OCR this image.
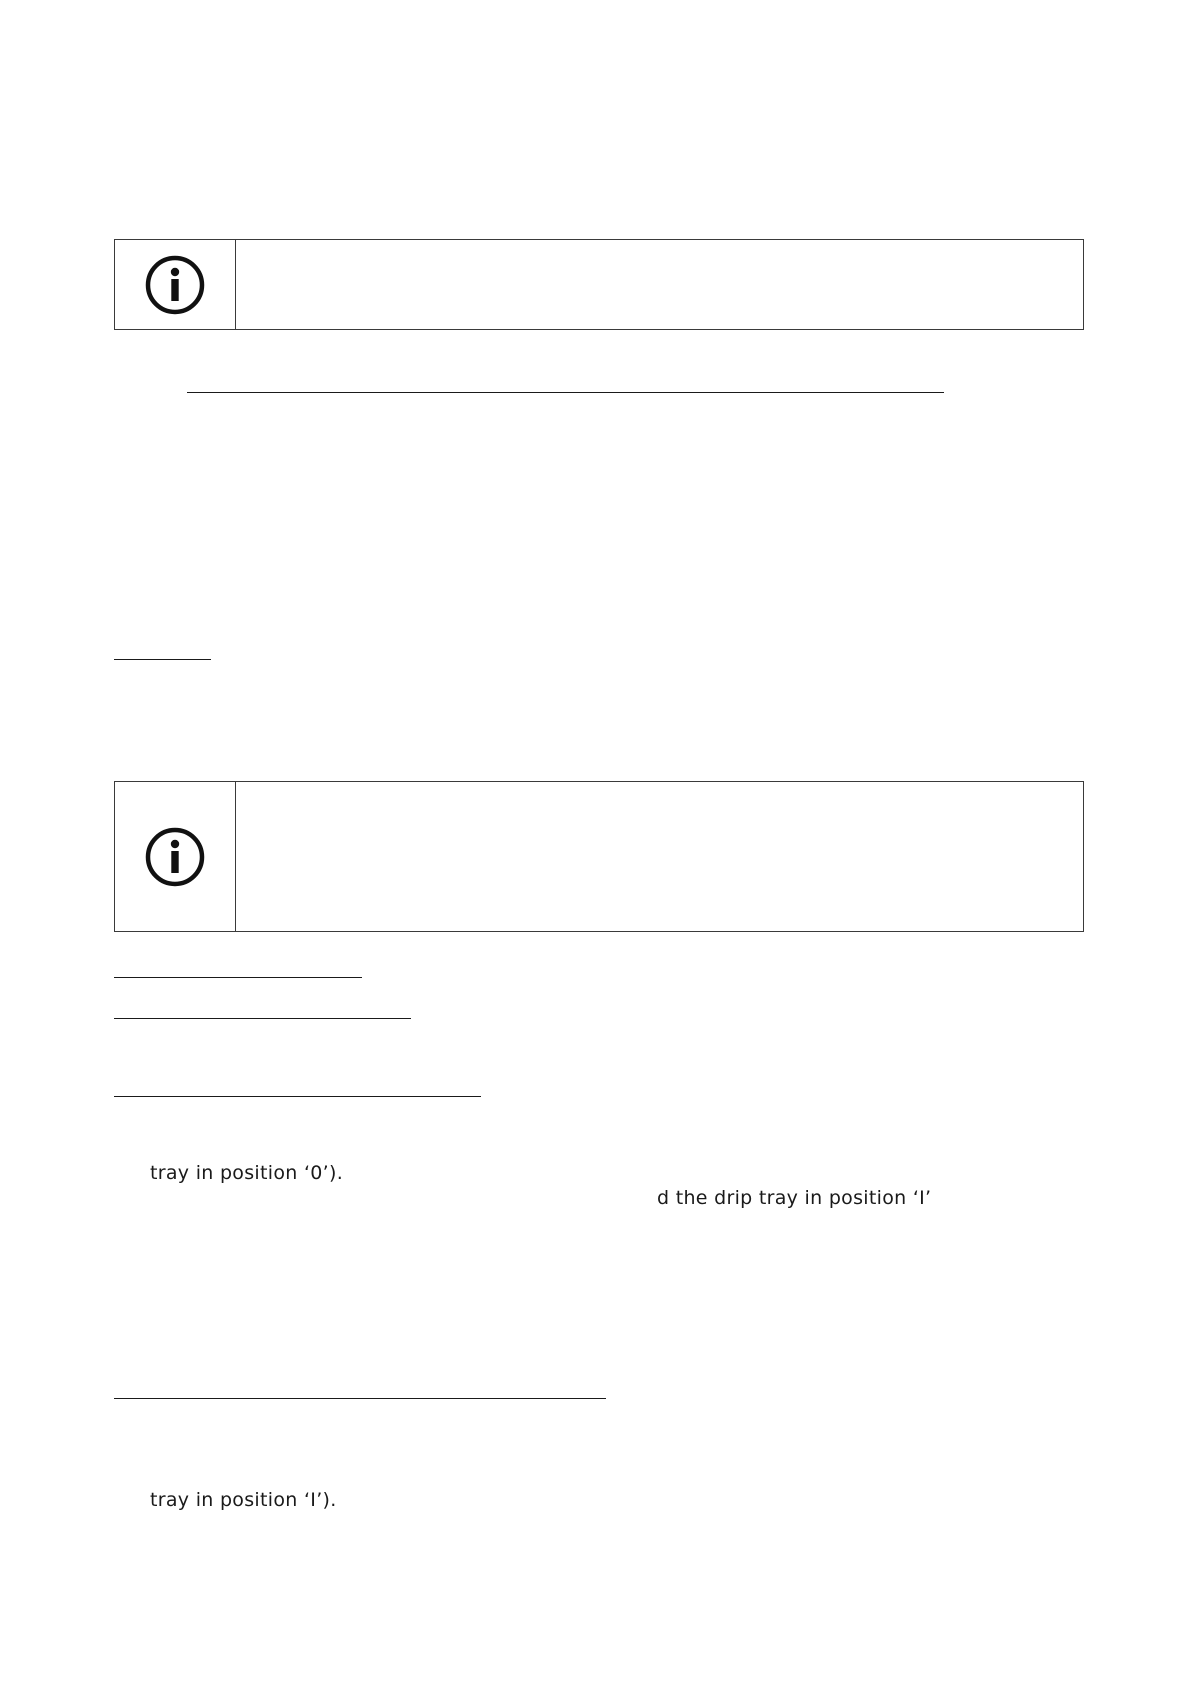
tray in position ‘0’).
d the drip tray in position ‘I’
tray in position ‘I’).
